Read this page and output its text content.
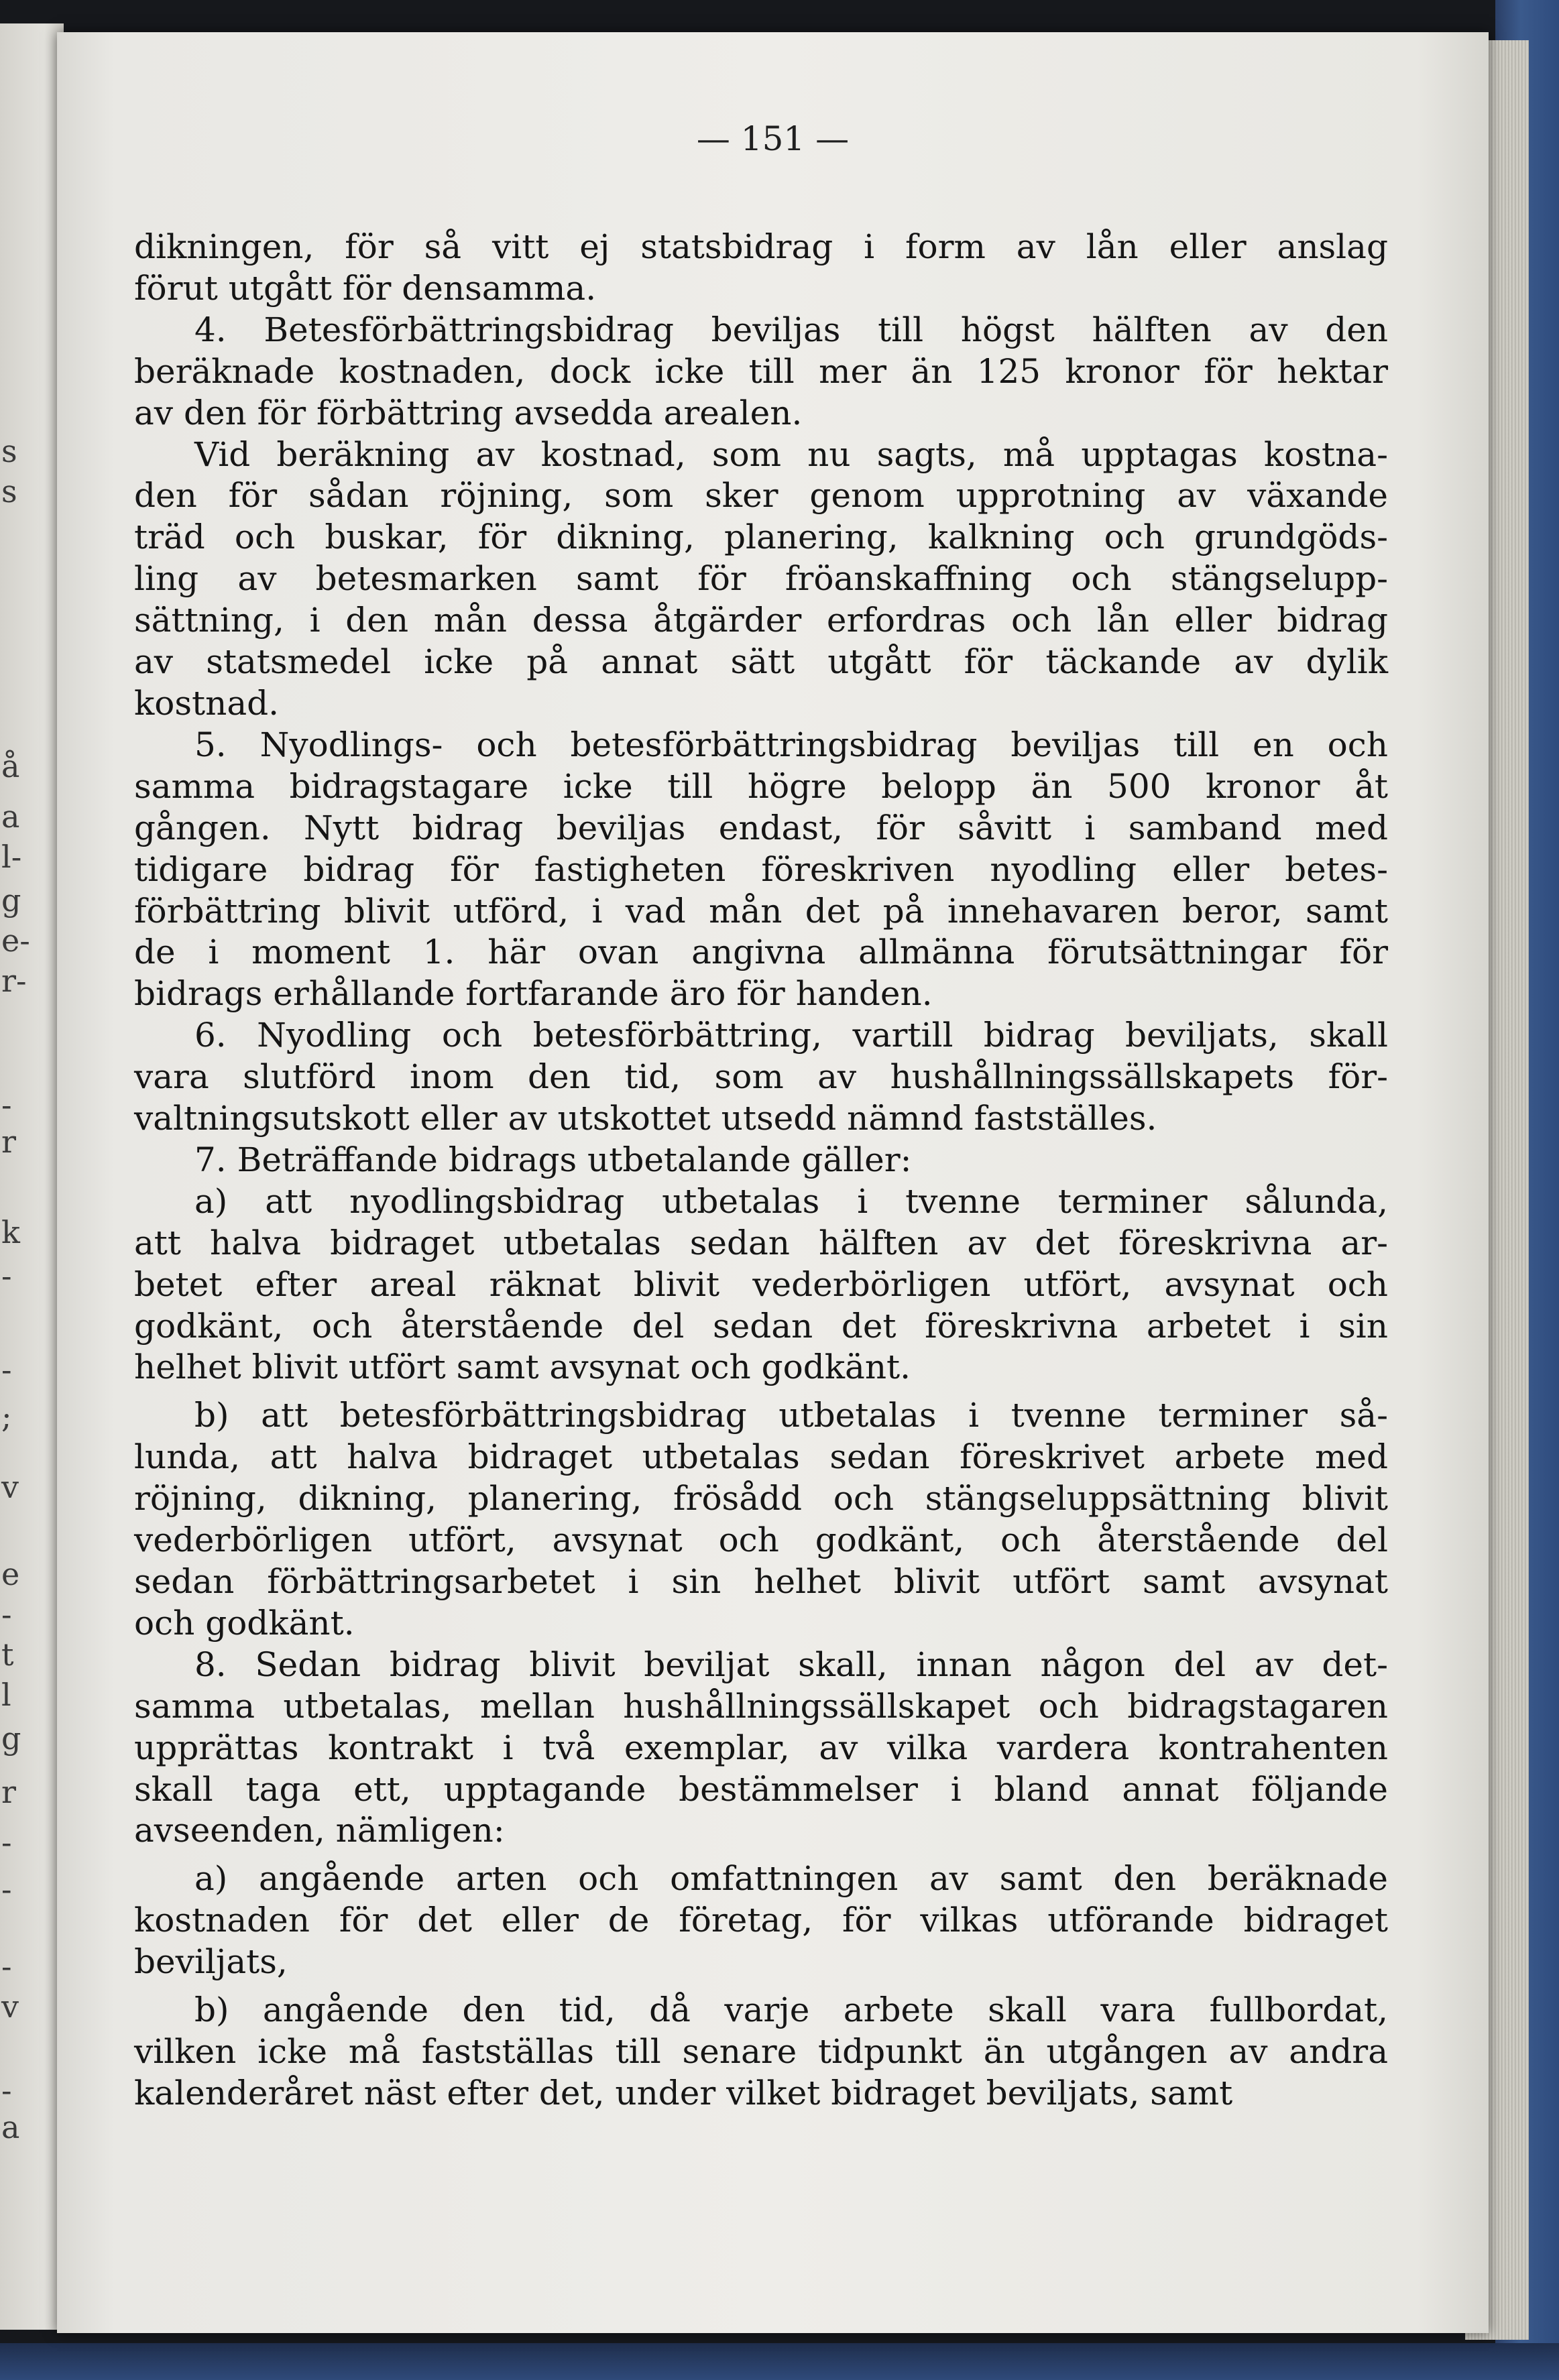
s
s
å
a
l-
g
e-
r-
-
r
k
-
-
;
v
e
-
t
l
g
r
-
-
-
v
-
a
— 151 —

dikningen, för så vitt ej statsbidrag i form av lån eller anslag

förut utgått för densamma.

4. Betesförbättringsbidrag beviljas till högst hälften av den

beräknade kostnaden, dock icke till mer än 125 kronor för hektar

av den för förbättring avsedda arealen.

Vid beräkning av kostnad, som nu sagts, må upptagas kostna-

den för sådan röjning, som sker genom upprotning av växande

träd och buskar, för dikning, planering, kalkning och grundgöds-

ling av betesmarken samt för fröanskaffning och stängselupp-

sättning, i den mån dessa åtgärder erfordras och lån eller bidrag

av statsmedel icke på annat sätt utgått för täckande av dylik

kostnad.

5. Nyodlings- och betesförbättringsbidrag beviljas till en och

samma bidragstagare icke till högre belopp än 500 kronor åt

gången. Nytt bidrag beviljas endast, för såvitt i samband med

tidigare bidrag för fastigheten föreskriven nyodling eller betes-

förbättring blivit utförd, i vad mån det på innehavaren beror, samt

de i moment 1. här ovan angivna allmänna förutsättningar för

bidrags erhållande fortfarande äro för handen.

6. Nyodling och betesförbättring, vartill bidrag beviljats, skall

vara slutförd inom den tid, som av hushållningssällskapets för-

valtningsutskott eller av utskottet utsedd nämnd fastställes.

7. Beträffande bidrags utbetalande gäller:

a) att nyodlingsbidrag utbetalas i tvenne terminer sålunda,

att halva bidraget utbetalas sedan hälften av det föreskrivna ar-

betet efter areal räknat blivit vederbörligen utfört, avsynat och

godkänt, och återstående del sedan det föreskrivna arbetet i sin

helhet blivit utfört samt avsynat och godkänt.

b) att betesförbättringsbidrag utbetalas i tvenne terminer så-

lunda, att halva bidraget utbetalas sedan föreskrivet arbete med

röjning, dikning, planering, frösådd och stängseluppsättning blivit

vederbörligen utfört, avsynat och godkänt, och återstående del

sedan förbättringsarbetet i sin helhet blivit utfört samt avsynat

och godkänt.

8. Sedan bidrag blivit beviljat skall, innan någon del av det-

samma utbetalas, mellan hushållningssällskapet och bidragstagaren

upprättas kontrakt i två exemplar, av vilka vardera kontrahenten

skall taga ett, upptagande bestämmelser i bland annat följande

avseenden, nämligen:

a) angående arten och omfattningen av samt den beräknade

kostnaden för det eller de företag, för vilkas utförande bidraget

beviljats,

b) angående den tid, då varje arbete skall vara fullbordat,

vilken icke må fastställas till senare tidpunkt än utgången av andra

kalenderåret näst efter det, under vilket bidraget beviljats, samt
